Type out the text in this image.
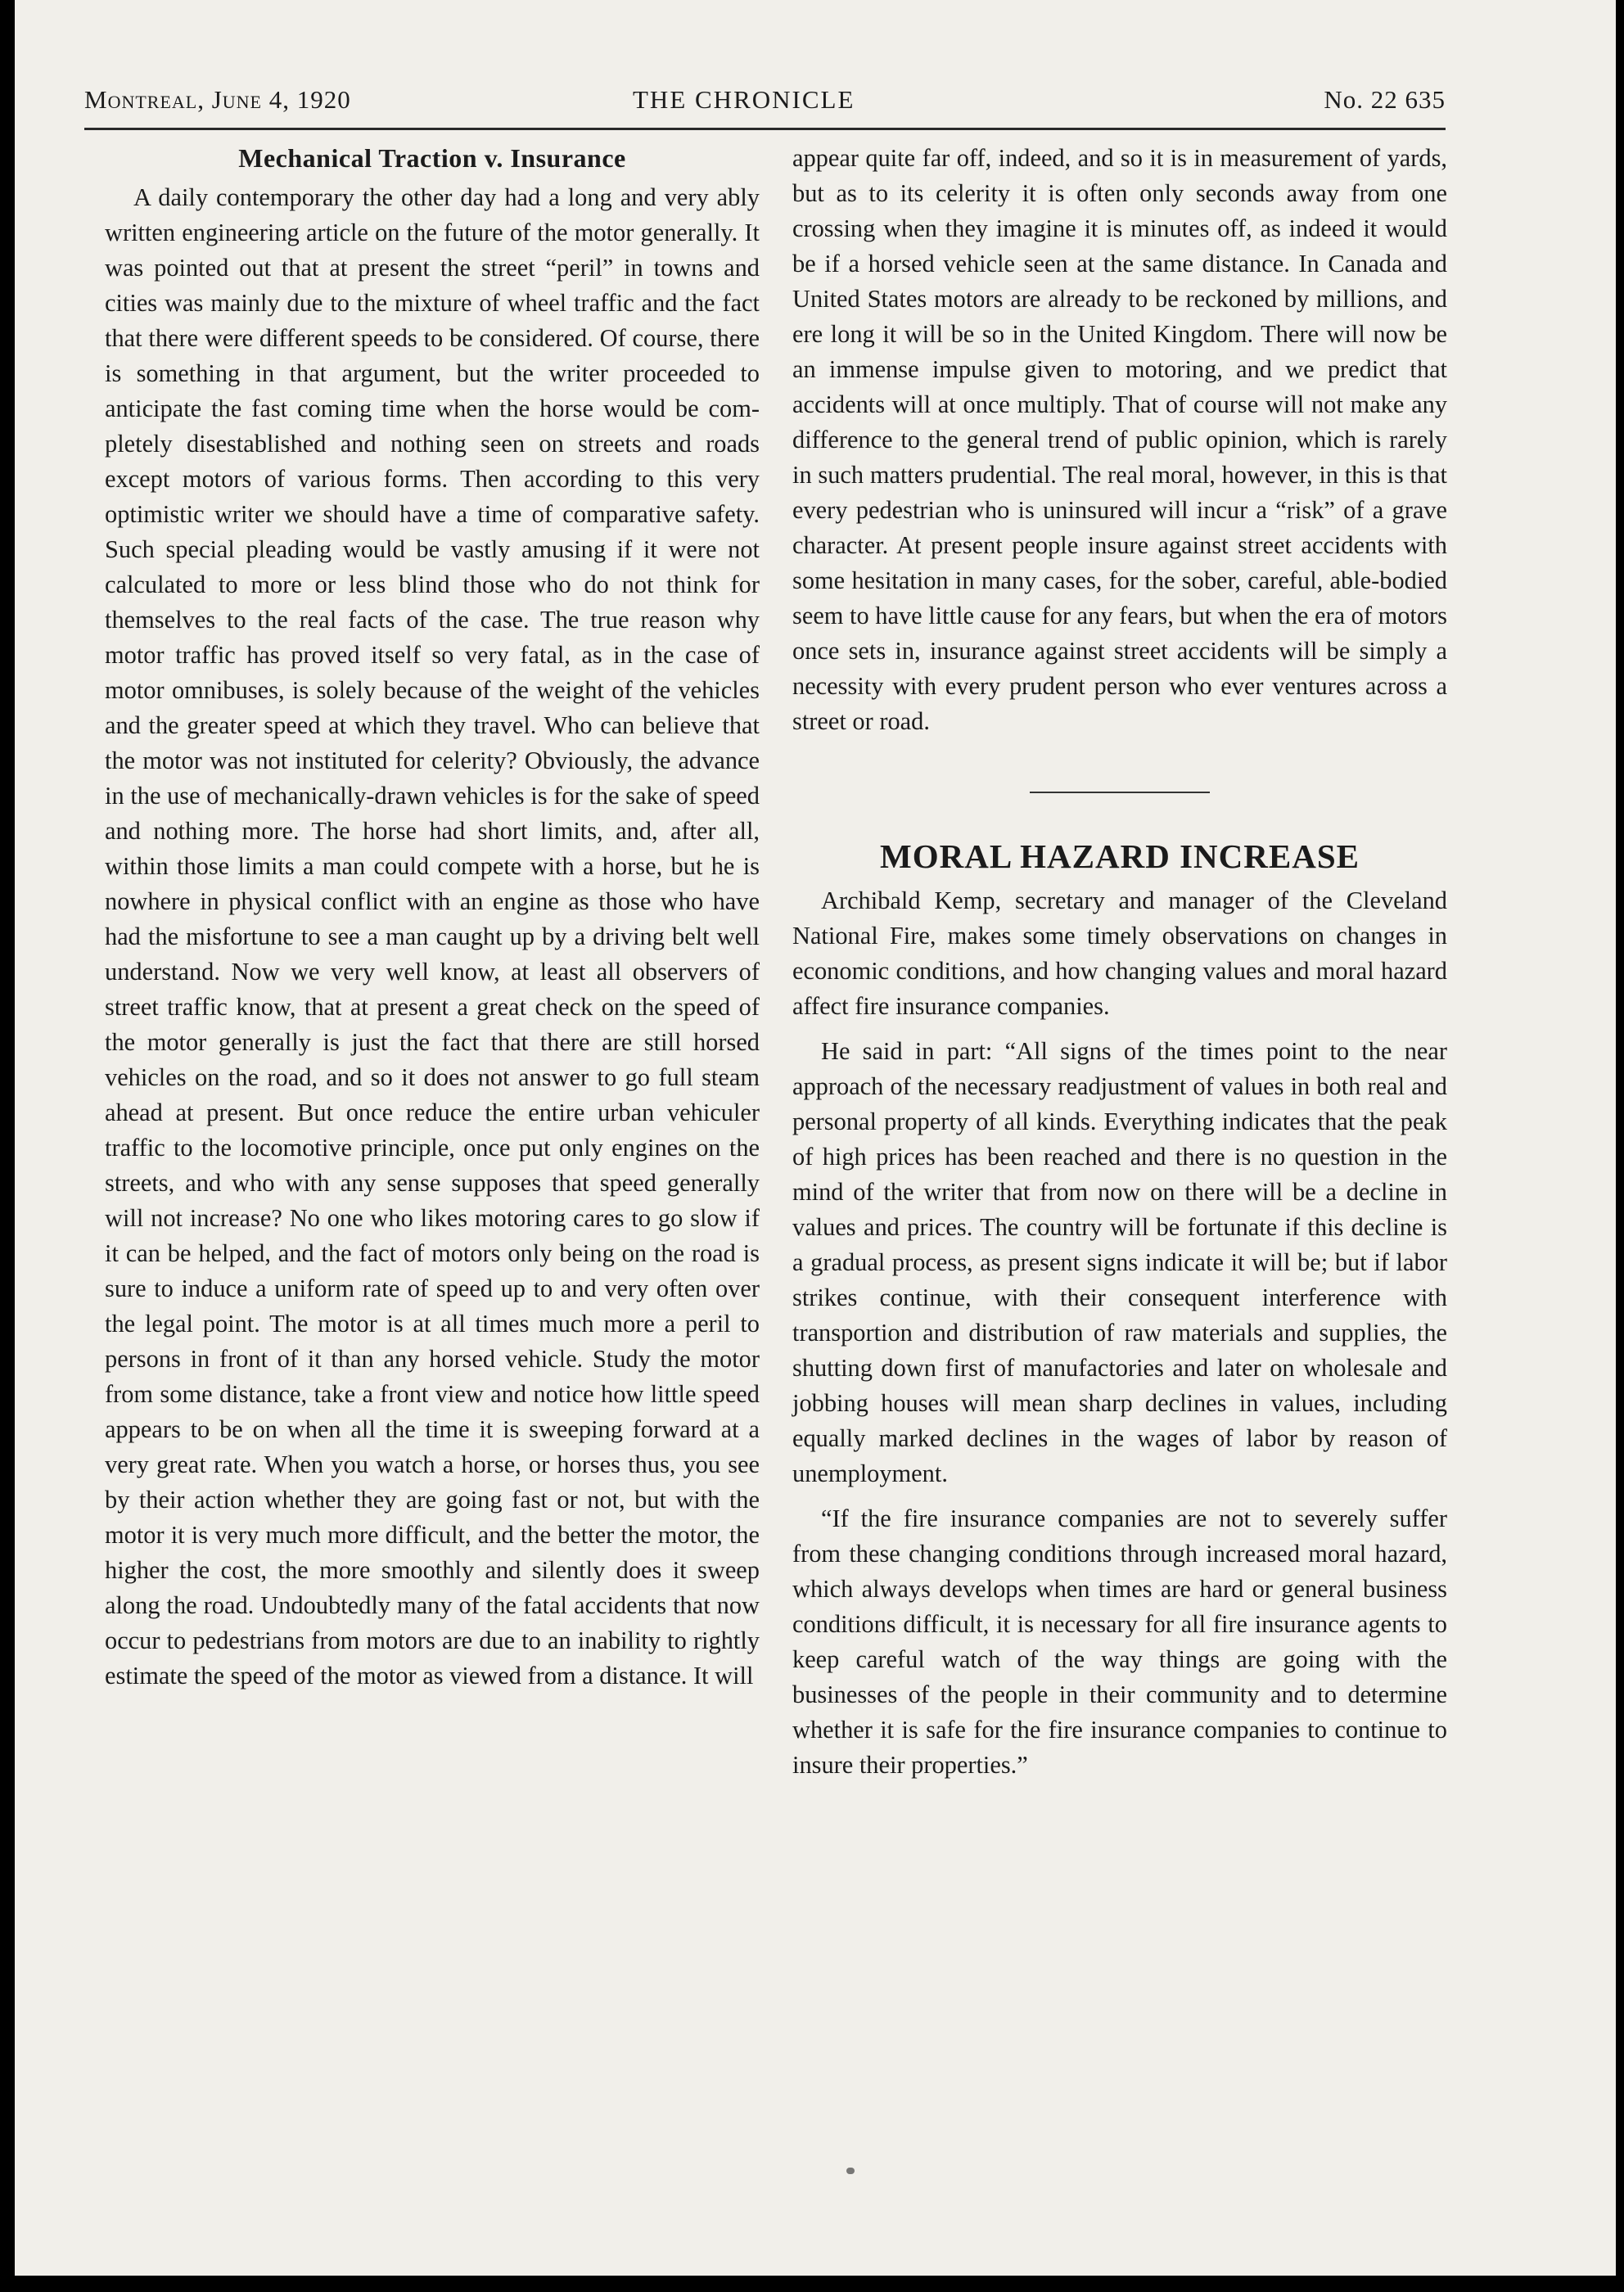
Montreal, June 4, 1920	THE CHRONICLE	No. 22 635
Mechanical Traction v. Insurance

A daily contemporary the other day had a long and very ably written engineering article on the future of the motor generally. It was pointed out that at present the street “peril” in towns and cities was mainly due to the mixture of wheel traffic and the fact that there were different speeds to be considered. Of course, there is something in that argument, but the writer proceeded to anticipate the fast coming time when the horse would be completely disestablished and nothing seen on streets and roads except motors of various forms. Then according to this very optimistic writer we should have a time of comparative safety. Such special pleading would be vastly amusing if it were not calculated to more or less blind those who do not think for themselves to the real facts of the case. The true reason why motor traffic has proved itself so very fatal, as in the case of motor omnibuses, is solely because of the weight of the vehicles and the greater speed at which they travel. Who can believe that the motor was not instituted for celerity? Obviously, the advance in the use of mechanically-drawn vehicles is for the sake of speed and nothing more. The horse had short limits, and, after all, within those limits a man could compete with a horse, but he is nowhere in physical conflict with an engine as those who have had the misfortune to see a man caught up by a driving belt well understand. Now we very well know, at least all observers of street traffic know, that at present a great check on the speed of the motor generally is just the fact that there are still horsed vehicles on the road, and so it does not answer to go full steam ahead at present. But once reduce the entire urban vehiculer traffic to the locomotive principle, once put only engines on the streets, and who with any sense supposes that speed generally will not increase? No one who likes motoring cares to go slow if it can be helped, and the fact of motors only being on the road is sure to induce a uniform rate of speed up to and very often over the legal point. The motor is at all times much more a peril to persons in front of it than any horsed vehicle. Study the motor from some distance, take a front view and notice how little speed appears to be on when all the time it is sweeping forward at a very great rate. When you watch a horse, or horses thus, you see by their action whether they are going fast or not, but with the motor it is very much more difficult, and the better the motor, the higher the cost, the more smoothly and silently does it sweep along the road. Undoubtedly many of the fatal accidents that now occur to pedestrians from motors are due to an inability to rightly estimate the speed of the motor as viewed from a distance. It will

appear quite far off, indeed, and so it is in measurement of yards, but as to its celerity it is often only seconds away from one crossing when they imagine it is minutes off, as indeed it would be if a horsed vehicle seen at the same distance. In Canada and United States motors are already to be reckoned by millions, and ere long it will be so in the United Kingdom. There will now be an immense impulse given to motoring, and we predict that accidents will at once multiply. That of course will not make any difference to the general trend of public opinion, which is rarely in such matters prudential. The real moral, however, in this is that every pedestrian who is uninsured will incur a “risk” of a grave character. At present people insure against street accidents with some hesitation in many cases, for the sober, careful, able-bodied seem to have little cause for any fears, but when the era of motors once sets in, insurance against street accidents will be simply a necessity with every prudent person who ever ventures across a street or road.

MORAL HAZARD INCREASE

Archibald Kemp, secretary and manager of the Cleveland National Fire, makes some timely observations on changes in economic conditions, and how changing values and moral hazard affect fire insurance companies.

He said in part: “All signs of the times point to the near approach of the necessary readjustment of values in both real and personal property of all kinds. Everything indicates that the peak of high prices has been reached and there is no question in the mind of the writer that from now on there will be a decline in values and prices. The country will be fortunate if this decline is a gradual process, as present signs indicate it will be; but if labor strikes continue, with their consequent interference with transportion and distribution of raw materials and supplies, the shutting down first of manufactories and later on wholesale and jobbing houses will mean sharp declines in values, including equally marked declines in the wages of labor by reason of unemployment.

“If the fire insurance companies are not to severely suffer from these changing conditions through increased moral hazard, which always develops when times are hard or general business conditions difficult, it is necessary for all fire insurance agents to keep careful watch of the way things are going with the businesses of the people in their community and to determine whether it is safe for the fire insurance companies to continue to insure their properties.”
